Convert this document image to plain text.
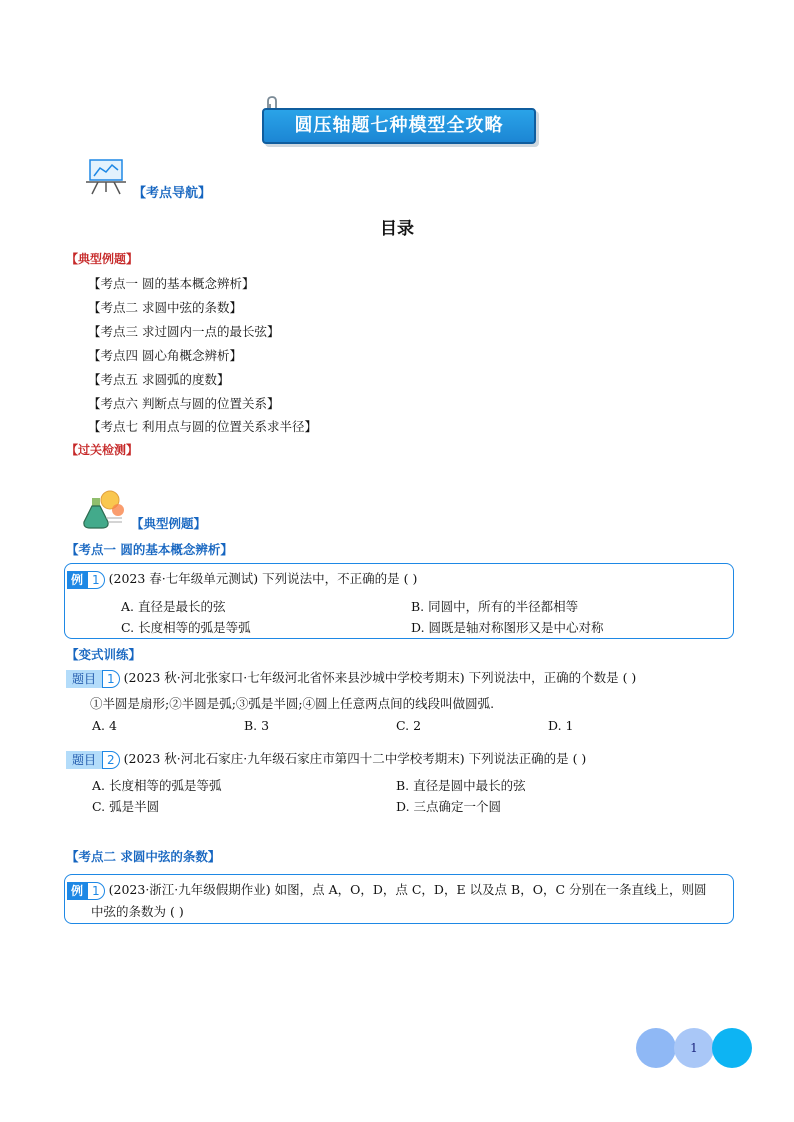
圆压轴题七种模型全攻略
【考点导航】
目录
【典型例题】
【考点一 圆的基本概念辨析】
【考点二 求圆中弦的条数】
【考点三 求过圆内一点的最长弦】
【考点四 圆心角概念辨析】
【考点五 求圆弧的度数】
【考点六 判断点与圆的位置关系】
【考点七 利用点与圆的位置关系求半径】
【过关检测】
【典型例题】
【考点一 圆的基本概念辨析】
例 1 (2023 春·七年级单元测试) 下列说法中，不正确的是 ( )
A. 直径是最长的弦	B. 同圆中，所有的半径都相等
C. 长度相等的弧是等弧	D. 圆既是轴对称图形又是中心对称
【变式训练】
题目 1 (2023 秋·河北张家口·七年级河北省怀来县沙城中学校考期末) 下列说法中，正确的个数是 ( )
①半圆是扇形;②半圆是弧;③弧是半圆;④圆上任意两点间的线段叫做圆弧.
A. 4	B. 3	C. 2	D. 1
题目 2 (2023 秋·河北石家庄·九年级石家庄市第四十二中学校考期末) 下列说法正确的是 ( )
A. 长度相等的弧是等弧	B. 直径是圆中最长的弦
C. 弧是半圆	D. 三点确定一个圆
【考点二 求圆中弦的条数】
例 1 (2023·浙江·九年级假期作业) 如图，点 A，O，D，点 C，D，E 以及点 B，O，C 分别在一条直线上，则圆
中弦的条数为 ( )
1
